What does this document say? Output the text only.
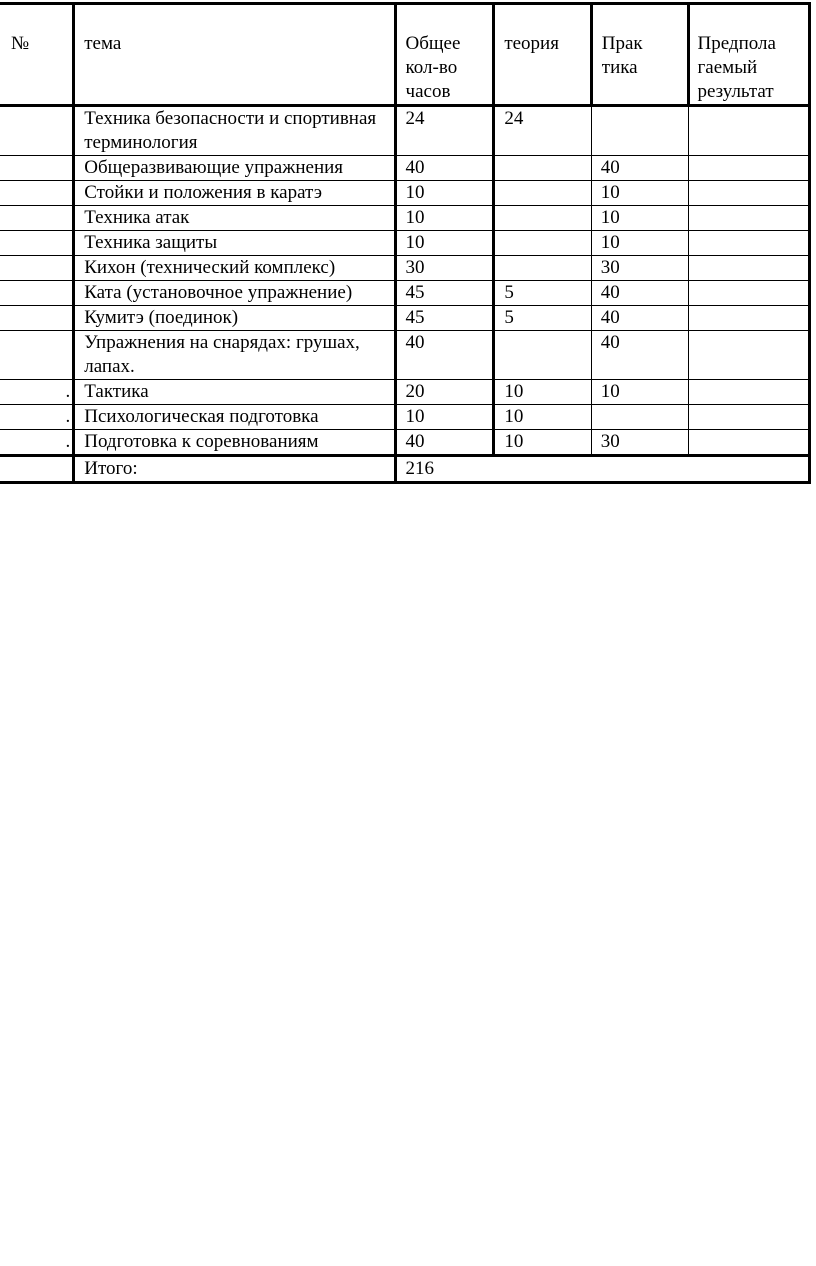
№	тема	Общее кол-во часов	теория	Прак тика	Предпола гаемый результат
	Техника безопасности и спортивная терминология	24	24		
	Общеразвивающие упражнения	40		40	
	Стойки и положения в каратэ	10		10	
	Техника атак	10		10	
	Техника защиты	10		10	
	Кихон (технический комплекс)	30		30	
	Ката (установочное упражнение)	45	5	40	
	Кумитэ (поединок)	45	5	40	
	Упражнения на снарядах: грушах, лапах.	40		40	
.	Тактика	20	10	10	
.	Психологическая подготовка	10	10		
.	Подготовка к соревнованиям	40	10	30	
	Итого:	216			
